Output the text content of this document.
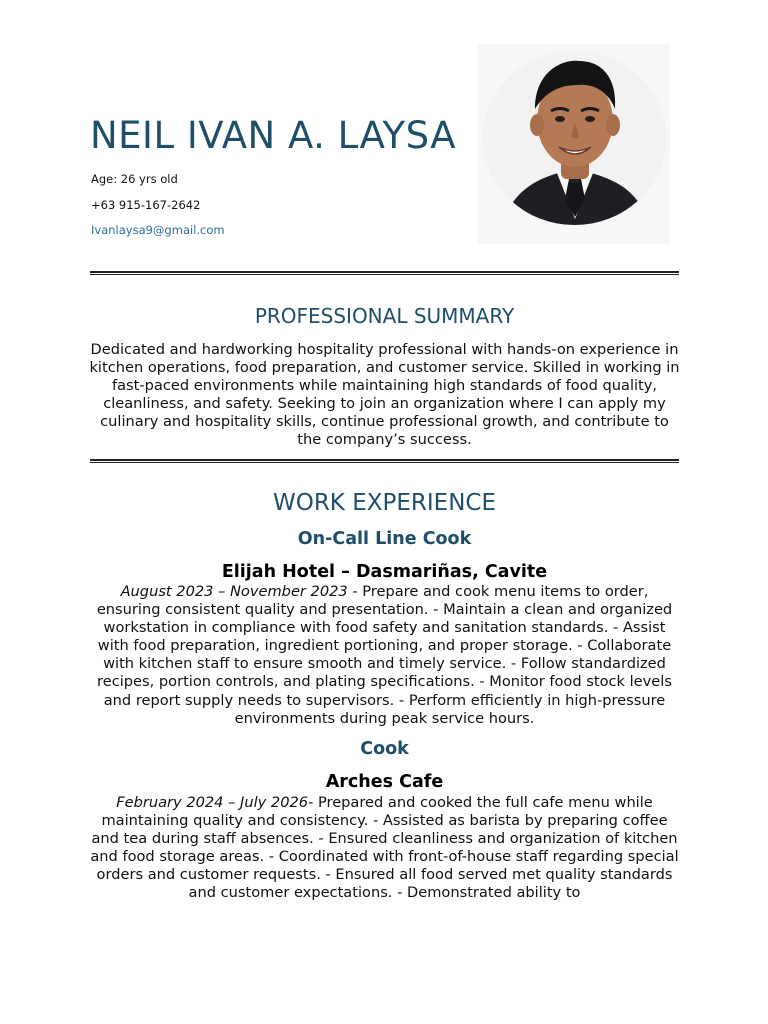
NEIL IVAN A. LAYSA
Age: 26 yrs old
+63 915-167-2642
Ivanlaysa9@gmail.com
PROFESSIONAL SUMMARY

Dedicated and hardworking hospitality professional with hands-on experience in kitchen operations, food preparation, and customer service. Skilled in working in fast-paced environments while maintaining high standards of food quality, cleanliness, and safety. Seeking to join an organization where I can apply my culinary and hospitality skills, continue professional growth, and contribute to the company’s success.

WORK EXPERIENCE
On-Call Line Cook
Elijah Hotel – Dasmariñas, Cavite

August 2023 – November 2023 - Prepare and cook menu items to order, ensuring consistent quality and presentation. - Maintain a clean and organized workstation in compliance with food safety and sanitation standards. - Assist with food preparation, ingredient portioning, and proper storage. - Collaborate with kitchen staff to ensure smooth and timely service. - Follow standardized recipes, portion controls, and plating specifications. - Monitor food stock levels and report supply needs to supervisors. - Perform efficiently in high-pressure environments during peak service hours.

Cook
Arches Cafe

February 2024 – July 2026- Prepared and cooked the full cafe menu while maintaining quality and consistency. - Assisted as barista by preparing coffee and tea during staff absences. - Ensured cleanliness and organization of kitchen and food storage areas. - Coordinated with front-of-house staff regarding special orders and customer requests. - Ensured all food served met quality standards and customer expectations. - Demonstrated ability to
